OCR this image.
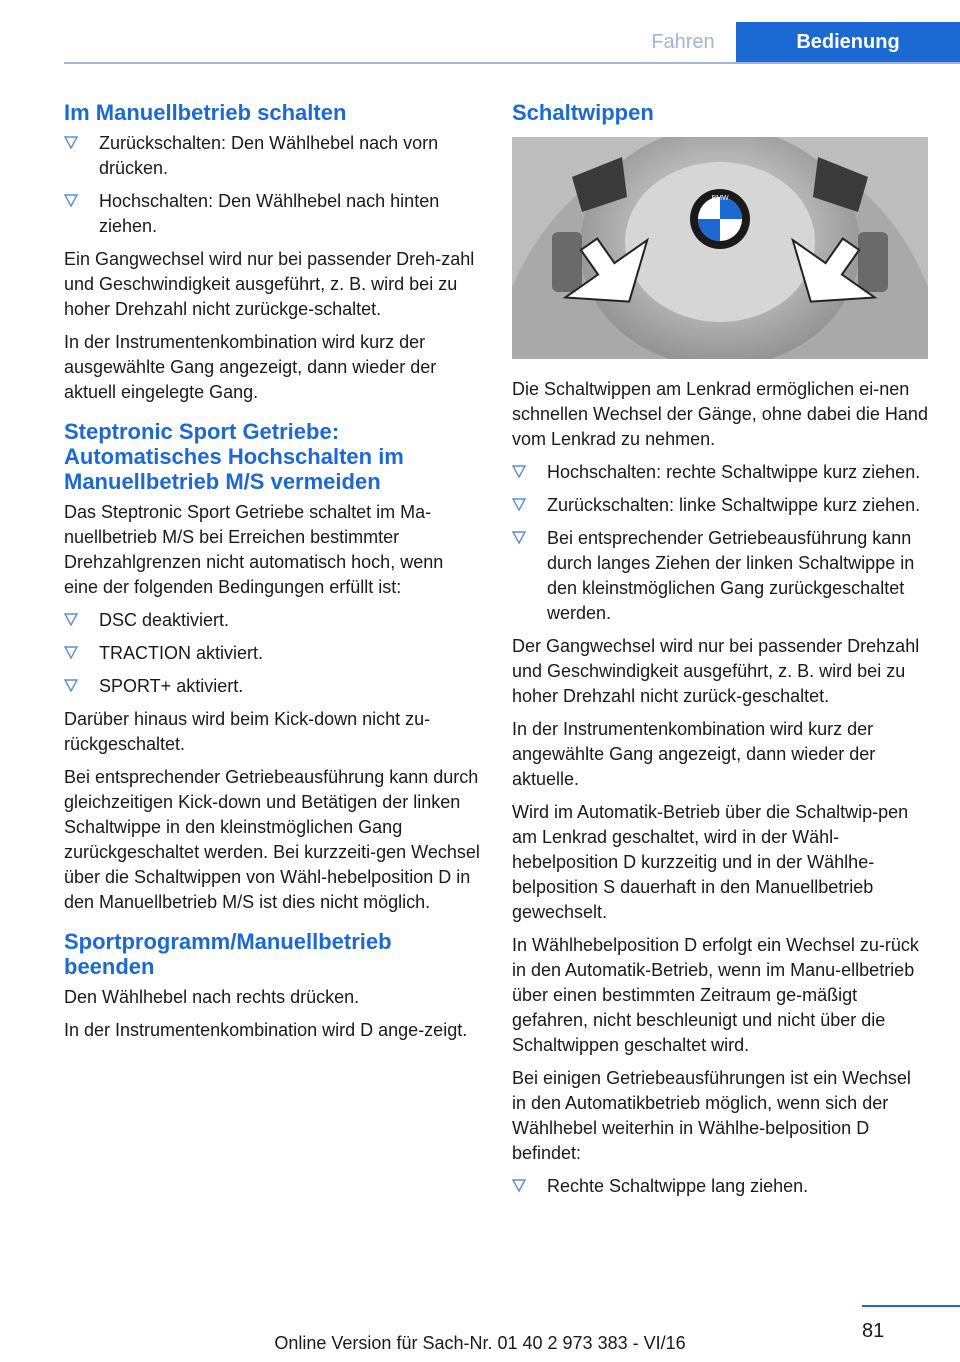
Fahren	Bedienung
Im Manuellbetrieb schalten
Zurückschalten: Den Wählhebel nach vorn drücken.
Hochschalten: Den Wählhebel nach hinten ziehen.

Ein Gangwechsel wird nur bei passender Dreh‐zahl und Geschwindigkeit ausgeführt, z. B. wird bei zu hoher Drehzahl nicht zurückge‐schaltet.

In der Instrumentenkombination wird kurz der ausgewählte Gang angezeigt, dann wieder der aktuell eingelegte Gang.

Steptronic Sport Getriebe: Automatisches Hochschalten im Manuellbetrieb M/S vermeiden

Das Steptronic Sport Getriebe schaltet im Ma‐nuellbetrieb M/S bei Erreichen bestimmter Drehzahlgrenzen nicht automatisch hoch, wenn eine der folgenden Bedingungen erfüllt ist:

DSC deaktiviert.
TRACTION aktiviert.
SPORT+ aktiviert.

Darüber hinaus wird beim Kick-down nicht zu‐rückgeschaltet.

Bei entsprechender Getriebeausführung kann durch gleichzeitigen Kick-down und Betätigen der linken Schaltwippe in den kleinstmöglichen Gang zurückgeschaltet werden. Bei kurzzeiti‐gen Wechsel über die Schaltwippen von Wähl‐hebelposition D in den Manuellbetrieb M/S ist dies nicht möglich.

Sportprogramm/Manuellbetrieb beenden

Den Wählhebel nach rechts drücken.

In der Instrumentenkombination wird D ange‐zeigt.

Schaltwippen
BMW

Die Schaltwippen am Lenkrad ermöglichen ei‐nen schnellen Wechsel der Gänge, ohne dabei die Hand vom Lenkrad zu nehmen.

Hochschalten: rechte Schaltwippe kurz ziehen.
Zurückschalten: linke Schaltwippe kurz ziehen.
Bei entsprechender Getriebeausführung kann durch langes Ziehen der linken Schaltwippe in den kleinstmöglichen Gang zurückgeschaltet werden.

Der Gangwechsel wird nur bei passender Drehzahl und Geschwindigkeit ausgeführt, z. B. wird bei zu hoher Drehzahl nicht zurück‐geschaltet.

In der Instrumentenkombination wird kurz der angewählte Gang angezeigt, dann wieder der aktuelle.

Wird im Automatik-Betrieb über die Schaltwip‐pen am Lenkrad geschaltet, wird in der Wähl‐hebelposition D kurzzeitig und in der Wählhe‐belposition S dauerhaft in den Manuellbetrieb gewechselt.

In Wählhebelposition D erfolgt ein Wechsel zu‐rück in den Automatik-Betrieb, wenn im Manu‐ellbetrieb über einen bestimmten Zeitraum ge‐mäßigt gefahren, nicht beschleunigt und nicht über die Schaltwippen geschaltet wird.

Bei einigen Getriebeausführungen ist ein Wechsel in den Automatikbetrieb möglich, wenn sich der Wählhebel weiterhin in Wählhe‐belposition D befindet:

Rechte Schaltwippe lang ziehen.
81
Online Version für Sach-Nr. 01 40 2 973 383 - VI/16
